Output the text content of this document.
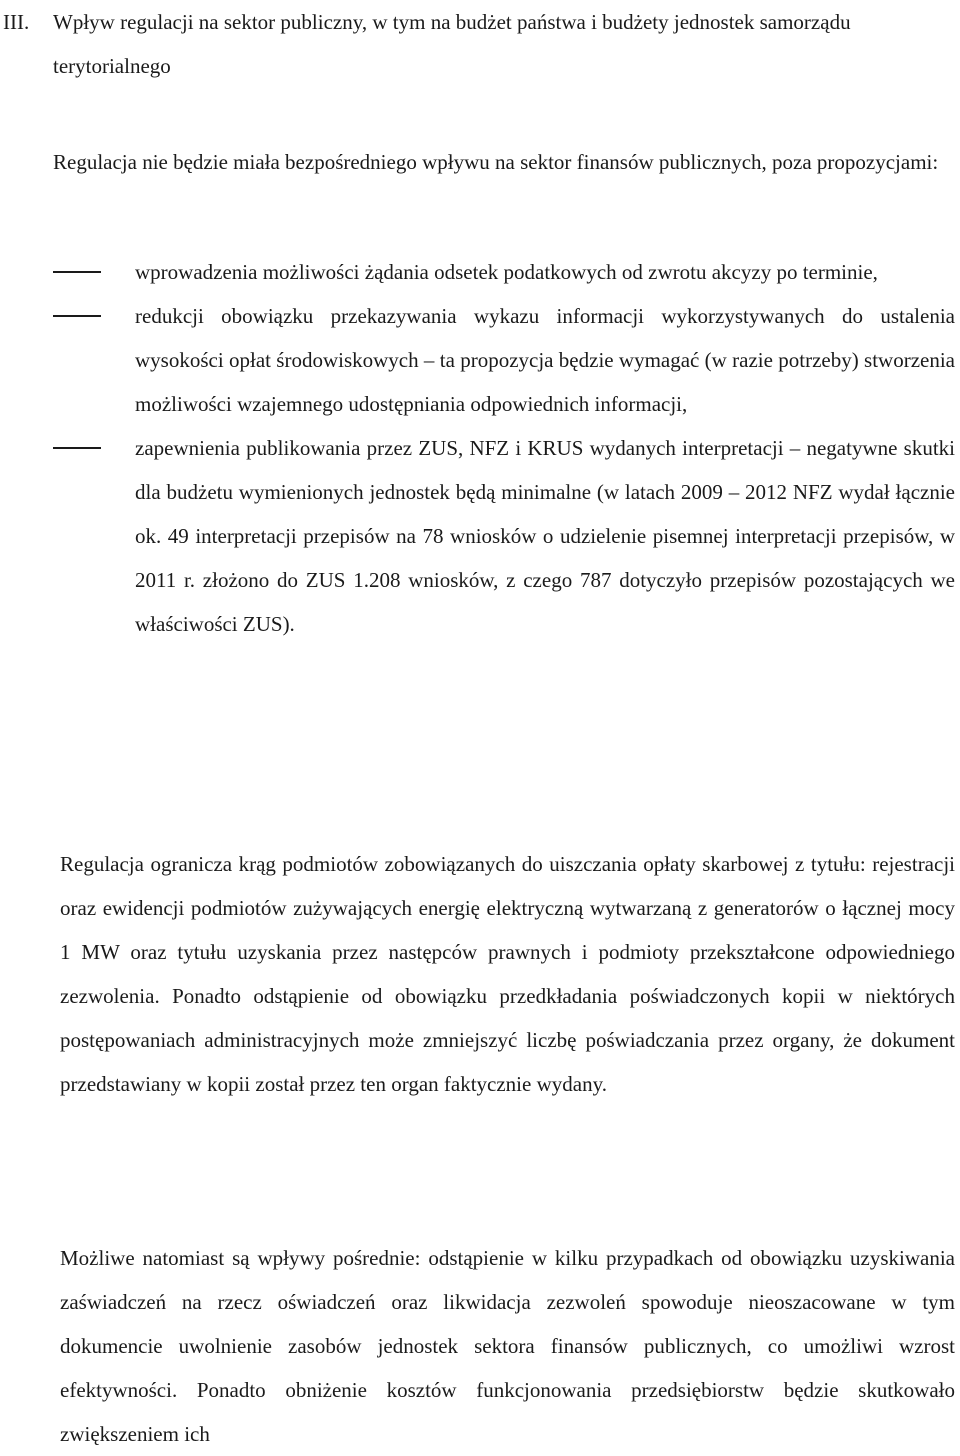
III. Wpływ regulacji na sektor publiczny, w tym na budżet państwa i budżety jednostek samorządu terytorialnego
Regulacja nie będzie miała bezpośredniego wpływu na sektor finansów publicznych, poza propozycjami:
wprowadzenia możliwości żądania odsetek podatkowych od zwrotu akcyzy po terminie,
redukcji obowiązku przekazywania wykazu informacji wykorzystywanych do ustalenia wysokości opłat środowiskowych – ta propozycja będzie wymagać (w razie potrzeby) stworzenia możliwości wzajemnego udostępniania odpowiednich informacji,
zapewnienia publikowania przez ZUS, NFZ i KRUS wydanych interpretacji – negatywne skutki dla budżetu wymienionych jednostek będą minimalne (w latach 2009 – 2012 NFZ wydał łącznie ok. 49 interpretacji przepisów na 78 wniosków o udzielenie pisemnej interpretacji przepisów, w 2011 r. złożono do ZUS 1.208 wniosków, z czego 787 dotyczyło przepisów pozostających we właściwości ZUS).
Regulacja ogranicza krąg podmiotów zobowiązanych do uiszczania opłaty skarbowej z tytułu: rejestracji oraz ewidencji podmiotów zużywających energię elektryczną wytwarzaną z generatorów o łącznej mocy 1 MW oraz tytułu uzyskania przez następców prawnych i podmioty przekształcone odpowiedniego zezwolenia. Ponadto odstąpienie od obowiązku przedkładania poświadczonych kopii w niektórych postępowaniach administracyjnych może zmniejszyć liczbę poświadczania przez organy, że dokument przedstawiany w kopii został przez ten organ faktycznie wydany.
Możliwe natomiast są wpływy pośrednie: odstąpienie w kilku przypadkach od obowiązku uzyskiwania zaświadczeń na rzecz oświadczeń oraz likwidacja zezwoleń spowoduje nieoszacowane w tym dokumencie uwolnienie zasobów jednostek sektora finansów publicznych, co umożliwi wzrost efektywności. Ponadto obniżenie kosztów funkcjonowania przedsiębiorstw będzie skutkowało zwiększeniem ich
